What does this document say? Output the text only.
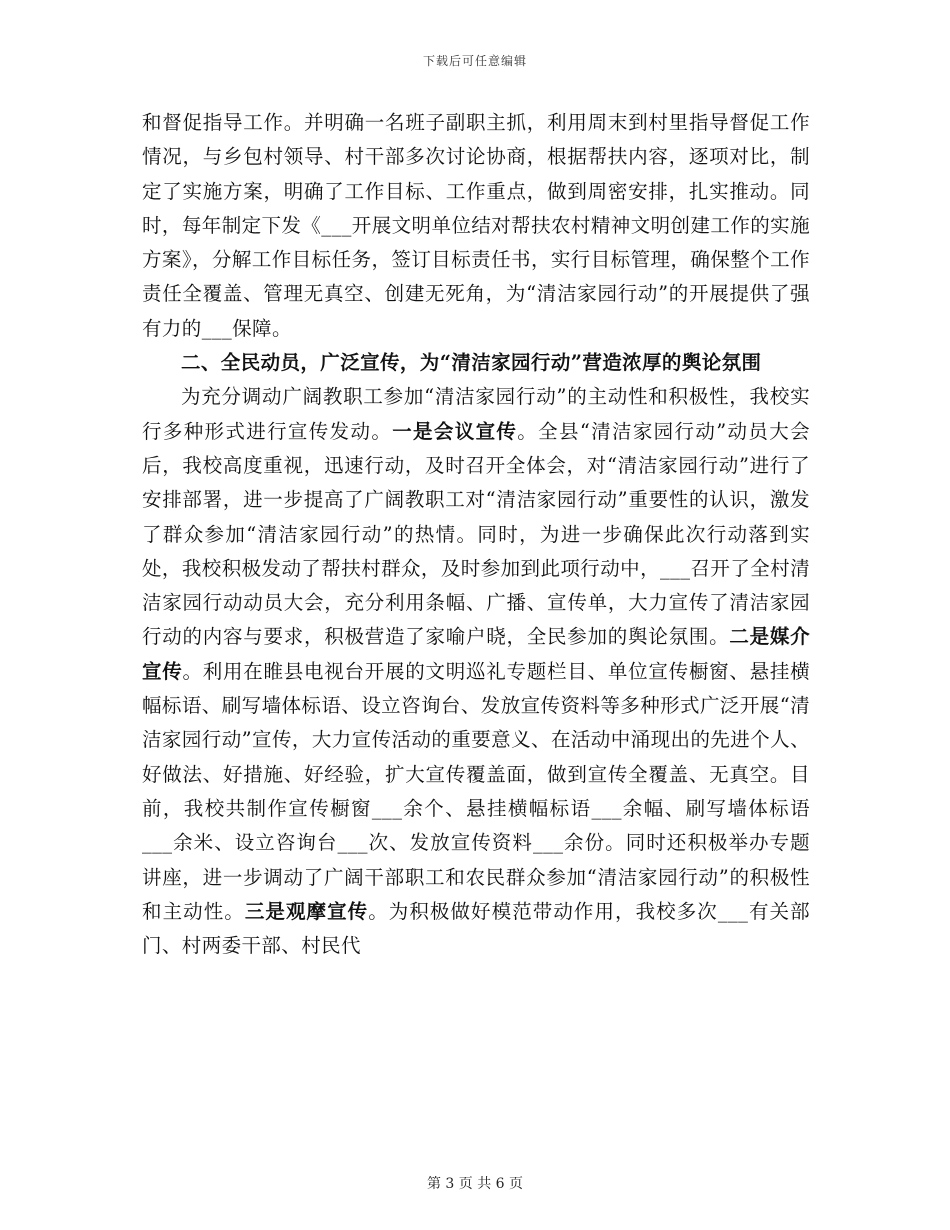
下载后可任意编辑

和督促指导工作。并明确一名班子副职主抓，利用周末到村里指导督促工作情况，与乡包村领导、村干部多次讨论协商，根据帮扶内容，逐项对比，制定了实施方案，明确了工作目标、工作重点，做到周密安排，扎实推动。同时，每年制定下发《___开展文明单位结对帮扶农村精神文明创建工作的实施方案》，分解工作目标任务，签订目标责任书，实行目标管理，确保整个工作责任全覆盖、管理无真空、创建无死角，为“清洁家园行动”的开展提供了强有力的___保障。

二、全民动员，广泛宣传，为“清洁家园行动”营造浓厚的舆论氛围

为充分调动广阔教职工参加“清洁家园行动”的主动性和积极性，我校实行多种形式进行宣传发动。一是会议宣传。全县“清洁家园行动”动员大会后，我校高度重视，迅速行动，及时召开全体会，对“清洁家园行动”进行了安排部署，进一步提高了广阔教职工对“清洁家园行动”重要性的认识，激发了群众参加“清洁家园行动”的热情。同时，为进一步确保此次行动落到实处，我校积极发动了帮扶村群众，及时参加到此项行动中，___召开了全村清洁家园行动动员大会，充分利用条幅、广播、宣传单，大力宣传了清洁家园行动的内容与要求，积极营造了家喻户晓，全民参加的舆论氛围。二是媒介宣传。利用在睢县电视台开展的文明巡礼专题栏目、单位宣传橱窗、悬挂横幅标语、刷写墙体标语、设立咨询台、发放宣传资料等多种形式广泛开展“清洁家园行动”宣传，大力宣传活动的重要意义、在活动中涌现出的先进个人、好做法、好措施、好经验，扩大宣传覆盖面，做到宣传全覆盖、无真空。目前，我校共制作宣传橱窗___余个、悬挂横幅标语___余幅、刷写墙体标语___余米、设立咨询台___次、发放宣传资料___余份。同时还积极举办专题讲座，进一步调动了广阔干部职工和农民群众参加“清洁家园行动”的积极性和主动性。三是观摩宣传。为积极做好模范带动作用，我校多次___有关部门、村两委干部、村民代

第 3 页 共 6 页
